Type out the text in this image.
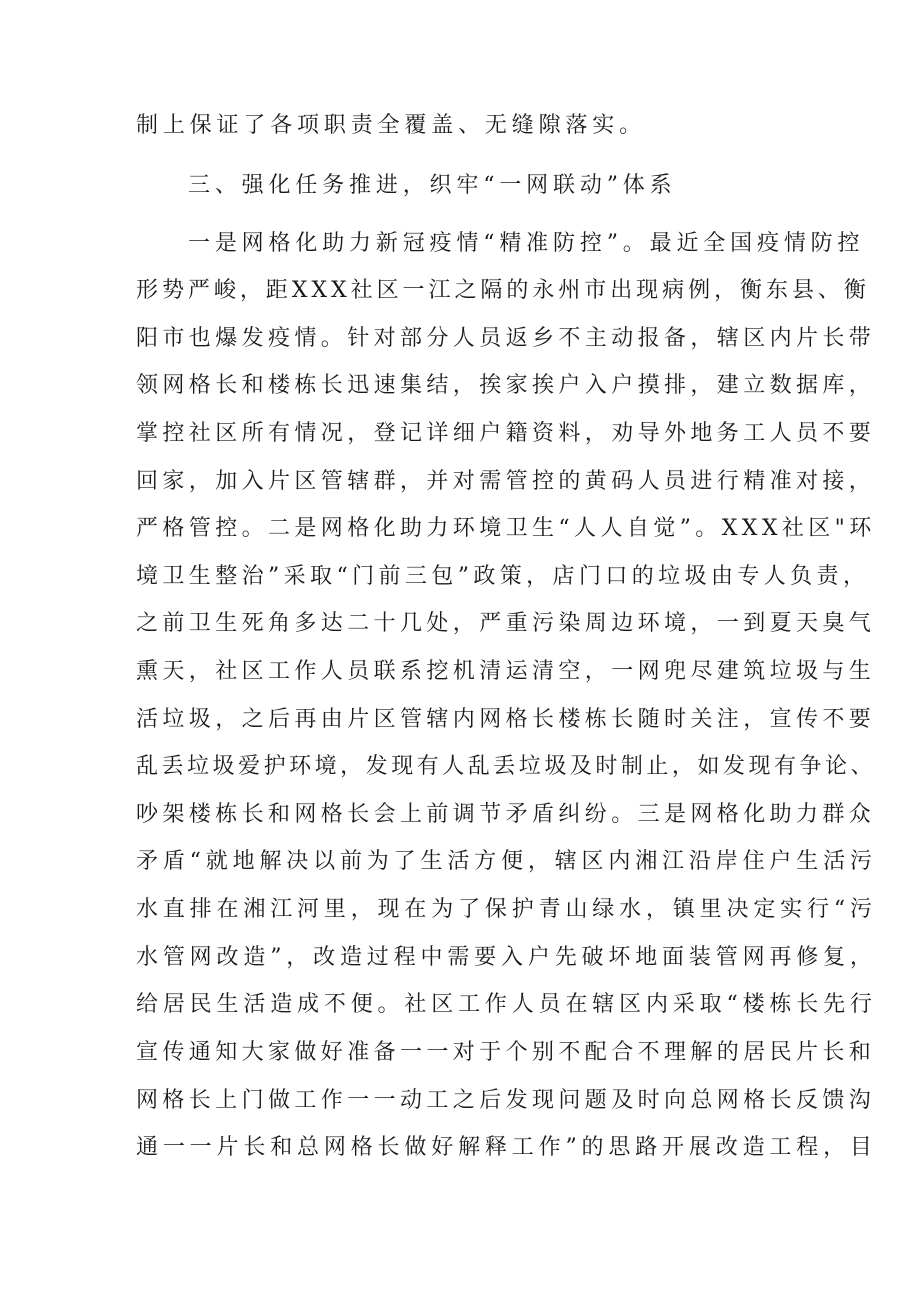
制上保证了各项职责全覆盖、无缝隙落实。
三、强化任务推进，织牢“一网联动”体系
一是网格化助力新冠疫情“精准防控”。最近全国疫情防控
形势严峻，距XXX社区一江之隔的永州市出现病例，衡东县、衡
阳市也爆发疫情。针对部分人员返乡不主动报备，辖区内片长带
领网格长和楼栋长迅速集结，挨家挨户入户摸排，建立数据库，
掌控社区所有情况，登记详细户籍资料，劝导外地务工人员不要
回家，加入片区管辖群，并对需管控的黄码人员进行精准对接，
严格管控。二是网格化助力环境卫生“人人自觉”。XXX社区"环
境卫生整治”采取“门前三包”政策，店门口的垃圾由专人负责，
之前卫生死角多达二十几处，严重污染周边环境，一到夏天臭气
熏天，社区工作人员联系挖机清运清空，一网兜尽建筑垃圾与生
活垃圾，之后再由片区管辖内网格长楼栋长随时关注，宣传不要
乱丢垃圾爱护环境，发现有人乱丢垃圾及时制止，如发现有争论、
吵架楼栋长和网格长会上前调节矛盾纠纷。三是网格化助力群众
矛盾“就地解决以前为了生活方便，辖区内湘江沿岸住户生活污
水直排在湘江河里，现在为了保护青山绿水，镇里决定实行“污
水管网改造”，改造过程中需要入户先破坏地面装管网再修复，
给居民生活造成不便。社区工作人员在辖区内采取“楼栋长先行
宣传通知大家做好准备一一对于个别不配合不理解的居民片长和
网格长上门做工作一一动工之后发现问题及时向总网格长反馈沟
通一一片长和总网格长做好解释工作”的思路开展改造工程，目
